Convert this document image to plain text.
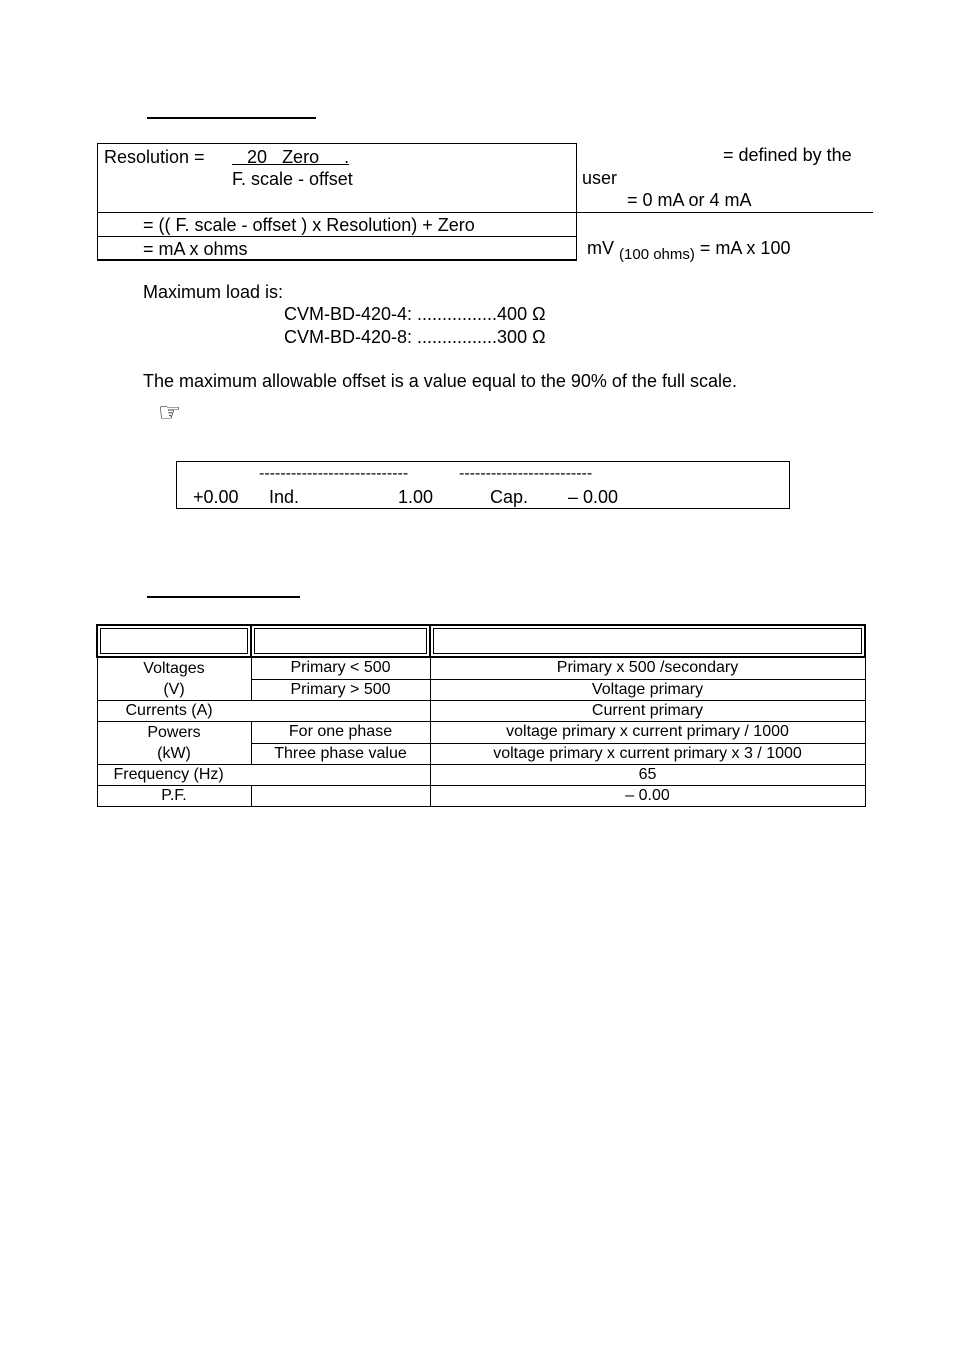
Resolution =	20 Zero     .
F. scale - offset
= (( F. scale - offset ) x Resolution) + Zero
= mA x ohms
= defined by the
user
= 0 mA or 4 mA
mV $_{(100 ohms)}$ = mA x 100
Maximum load is:
CVM-BD-420-4: ................400 Ω
CVM-BD-420-8: ................300 Ω
The maximum allowable offset is a value equal to the 90% of the full scale.
☞
----------------------------	-------------------------
+0.00 Ind.	1.00	Cap. – 0.00

Voltages
(V)	Primary < 500	Primary x 500 /secondary
	Primary > 500	Voltage primary
Currents (A)		Current primary
Powers
(kW)	For one phase	voltage primary x current primary / 1000
	Three phase value	voltage primary x current primary x 3 / 1000
Frequency (Hz)		65
P.F.		– 0.00
